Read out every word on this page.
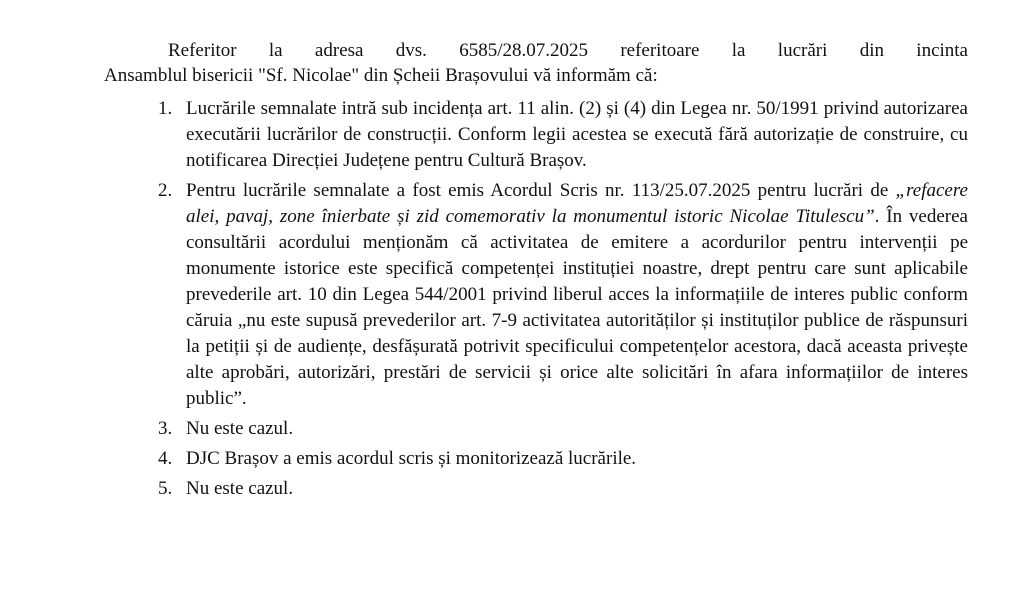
Referitor la adresa dvs. 6585/28.07.2025 referitoare la lucrări din incinta
Ansamblul bisericii "Sf. Nicolae" din Șcheii Brașovului vă informăm că:

1. Lucrările semnalate intră sub incidența art. 11 alin. (2) și (4) din Legea nr. 50/1991 privind autorizarea executării lucrărilor de construcții. Conform legii acestea se execută fără autorizație de construire, cu notificarea Direcției Județene pentru Cultură Brașov.
2. Pentru lucrările semnalate a fost emis Acordul Scris nr. 113/25.07.2025 pentru lucrări de „refacere alei, pavaj, zone înierbate și zid comemorativ la monumentul istoric Nicolae Titulescu”. În vederea consultării acordului menționăm că activitatea de emitere a acordurilor pentru intervenții pe monumente istorice este specifică competenței instituției noastre, drept pentru care sunt aplicabile prevederile art. 10 din Legea 544/2001 privind liberul acces la informațiile de interes public conform căruia „nu este supusă prevederilor art. 7-9 activitatea autorităților și instituților publice de răspunsuri la petiții și de audiențe, desfășurată potrivit specificului competențelor acestora, dacă aceasta privește alte aprobări, autorizări, prestări de servicii și orice alte solicitări în afara informațiilor de interes public”.
3. Nu este cazul.
4. DJC Brașov a emis acordul scris și monitorizează lucrările.
5. Nu este cazul.
